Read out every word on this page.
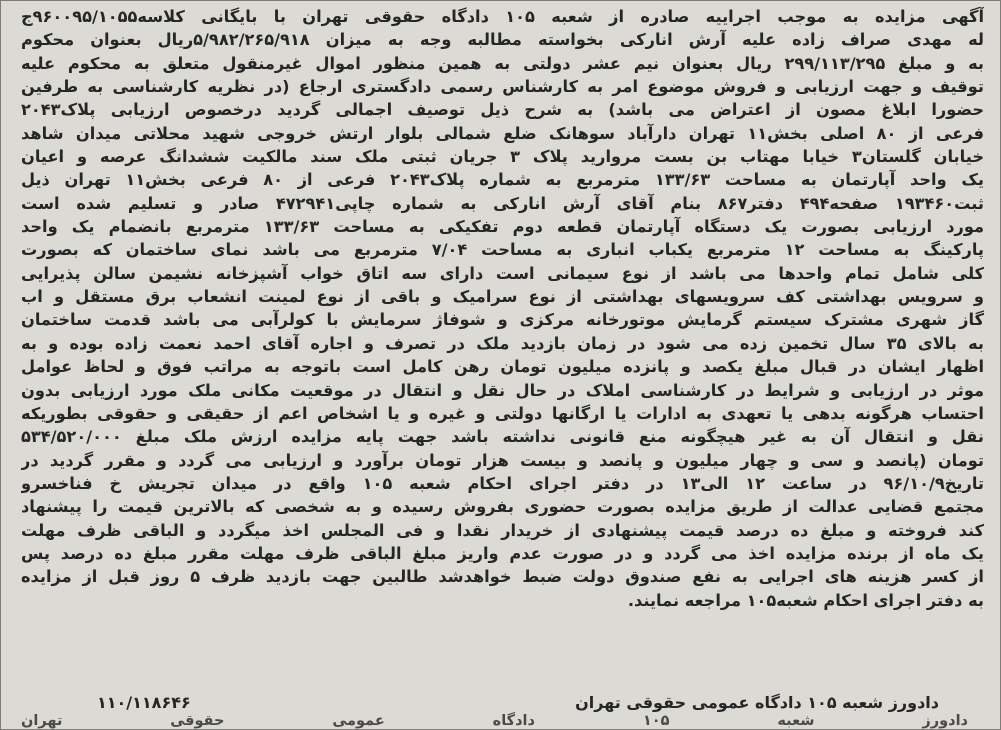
آگهی مزایده به موجب اجراییه صادره از شعبه ۱۰۵ دادگاه حقوقی تهران با بایگانی کلاسه۹۶۰۰۹۵/۱۰۵۵ج
له مهدی صراف زاده علیه آرش اناركی بخواسته مطالبه وجه به میزان ۵/۹۸۲/۲۶۵/۹۱۸ریال بعنوان محکوم
به و مبلغ ۲۹۹/۱۱۳/۲۹۵ ریال بعنوان نیم عشر دولتی به همین منظور اموال غیرمنقول متعلق به محکوم علیه
توقیف و جهت ارزیابی و فروش موضوع امر به کارشناس رسمی دادگستری ارجاع (در نظریه کارشناسی به طرفین
حضورا ابلاغ مصون از اعتراض می باشد) به شرح ذیل توصیف اجمالی گردید درخصوص ارزیابی پلاک۲۰۴۳
فرعی از ۸۰ اصلی بخش۱۱ تهران دارآباد سوهانک ضلع شمالی بلوار ارتش خروجی شهید محلاتی میدان شاهد
خیابان گلستان۳ خیابا مهتاب بن بست مروارید پلاک ۳ جریان ثبتی ملک سند مالکیت ششدانگ عرصه و اعیان
یک واحد آپارتمان به مساحت ۱۳۳/۶۳ مترمربع به شماره پلاک۲۰۴۳ فرعی از ۸۰ فرعی بخش۱۱ تهران ذیل
ثبت۱۹۳۴۶۰ صفحه۴۹۴ دفتر۸۶۷ بنام آقای آرش اناركی به شماره چاپی۴۷۲۹۴۱ صادر و تسلیم شده است
مورد ارزیابی بصورت یک دستگاه آپارتمان قطعه دوم تفکیکی به مساحت ۱۳۳/۶۳ مترمربع بانضمام یک واحد
پارکینگ به مساحت ۱۲ مترمربع یکباب انباری به مساحت ۷/۰۴ مترمربع می باشد نمای ساختمان که بصورت
کلی شامل تمام واحدها می باشد از نوع سیمانی است دارای سه اتاق خواب آشپزخانه نشیمن سالن پذیرایی
و سرویس بهداشتی کف سرویسهای بهداشتی از نوع سرامیک و باقی از نوع لمینت انشعاب برق مستقل و اب
گاز شهری مشترک سیستم گرمایش موتورخانه مرکزی و شوفاژ سرمایش با کولرآبی می باشد قدمت ساختمان
به بالای ۳۵ سال تخمین زده می شود در زمان بازدید ملک در تصرف و اجاره آقای احمد نعمت زاده بوده و به
اظهار ایشان در قبال مبلغ یکصد و پانزده میلیون تومان رهن کامل است باتوجه به مراتب فوق و لحاظ عوامل
موثر در ارزیابی و شرایط در کارشناسی املاک در حال نقل و انتقال در موقعیت مکانی ملک مورد ارزیابی بدون
احتساب هرگونه بدهی یا تعهدی به ادارات یا ارگانها دولتی و غیره و یا اشخاص اعم از حقیقی و حقوقی بطوریکه
نقل و انتقال آن به غیر هیچگونه منع قانونی نداشته باشد جهت پایه مزایده ارزش ملک مبلغ ۵۳۴/۵۲۰/۰۰۰
تومان (پانصد و سی و چهار میلیون و پانصد و بیست هزار تومان برآورد و ارزیابی می گردد و مقرر گردید در
تاریخ۹۶/۱۰/۹ در ساعت ۱۲ الی۱۳ در دفتر اجرای احکام شعبه ۱۰۵ واقع در میدان تجریش خ فناخسرو
مجتمع قضایی عدالت از طریق مزایده بصورت حضوری بفروش رسیده و به شخصی که بالاترین قیمت را پیشنهاد
کند فروخته و مبلغ ده درصد قیمت پیشنهادی از خریدار نقدا و فی المجلس اخذ میگردد و الباقی ظرف مهلت
یک ماه از برنده مزایده اخذ می گردد و در صورت عدم واریز مبلغ الباقی ظرف مهلت مقرر مبلغ ده درصد پس
از کسر هزینه های اجرایی به نفع صندوق دولت ضبط خواهدشد طالبین جهت بازدید ظرف ۵ روز قبل از مزایده
به دفتر اجرای احکام شعبه۱۰۵ مراجعه نمایند.
دادورز شعبه ۱۰۵ دادگاه عمومی حقوقی تهران
۱۱۰/۱۱۸۶۴۶
دادورز شعبه ۱۰۵ دادگاه عمومی حقوقی تهران
